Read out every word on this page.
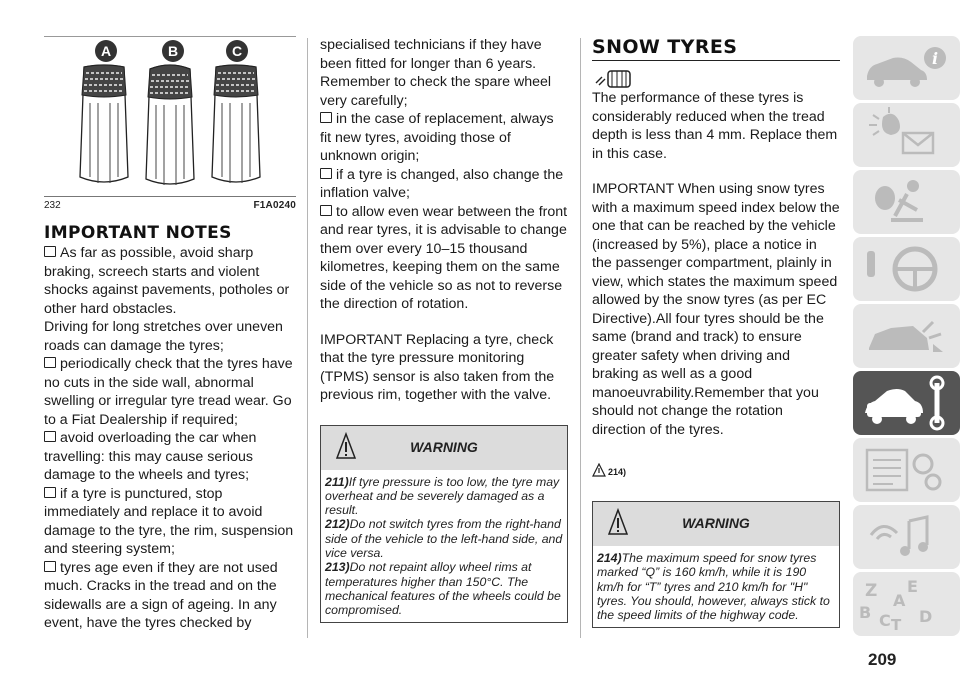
A	B	C
232	F1A0240
IMPORTANT NOTES
As far as possible, avoid sharp braking, screech starts and violent shocks against pavements, potholes or other hard obstacles.
Driving for long stretches over uneven roads can damage the tyres;
periodically check that the tyres have no cuts in the side wall, abnormal swelling or irregular tyre tread wear. Go to a Fiat Dealership if required;
avoid overloading the car when travelling: this may cause serious damage to the wheels and tyres;
if a tyre is punctured, stop immediately and replace it to avoid damage to the tyre, the rim, suspension and steering system;
tyres age even if they are not used much. Cracks in the tread and on the sidewalls are a sign of ageing. In any event, have the tyres checked by
specialised technicians if they have been fitted for longer than 6 years. Remember to check the spare wheel very carefully;
in the case of replacement, always fit new tyres, avoiding those of unknown origin;
if a tyre is changed, also change the inflation valve;
to allow even wear between the front and rear tyres, it is advisable to change them over every 10–15 thousand kilometres, keeping them on the same side of the vehicle so as not to reverse the direction of rotation.
IMPORTANT Replacing a tyre, check that the tyre pressure monitoring (TPMS) sensor is also taken from the previous rim, together with the valve.
WARNING
211)If tyre pressure is too low, the tyre may overheat and be severely damaged as a result.
212)Do not switch tyres from the right-hand side of the vehicle to the left-hand side, and vice versa.
213)Do not repaint alloy wheel rims at temperatures higher than 150°C. The mechanical features of the wheels could be compromised.
SNOW TYRES
The performance of these tyres is considerably reduced when the tread depth is less than 4 mm. Replace them in this case.
IMPORTANT When using snow tyres with a maximum speed index below the one that can be reached by the vehicle (increased by 5%), place a notice in the passenger compartment, plainly in view, which states the maximum speed allowed by the snow tyres (as per EC Directive).All four tyres should be the same (brand and track) to ensure greater safety when driving and braking as well as a good manoeuvrability.Remember that you should not change the rotation direction of the tyres.
214)
WARNING
214)The maximum speed for snow tyres marked “Q” is 160 km/h, while it is 190 km/h for “T” tyres and 210 km/h for "H" tyres. You should, however, always stick to the speed limits of the highway code.
i
Z E
A
B C T D
209
